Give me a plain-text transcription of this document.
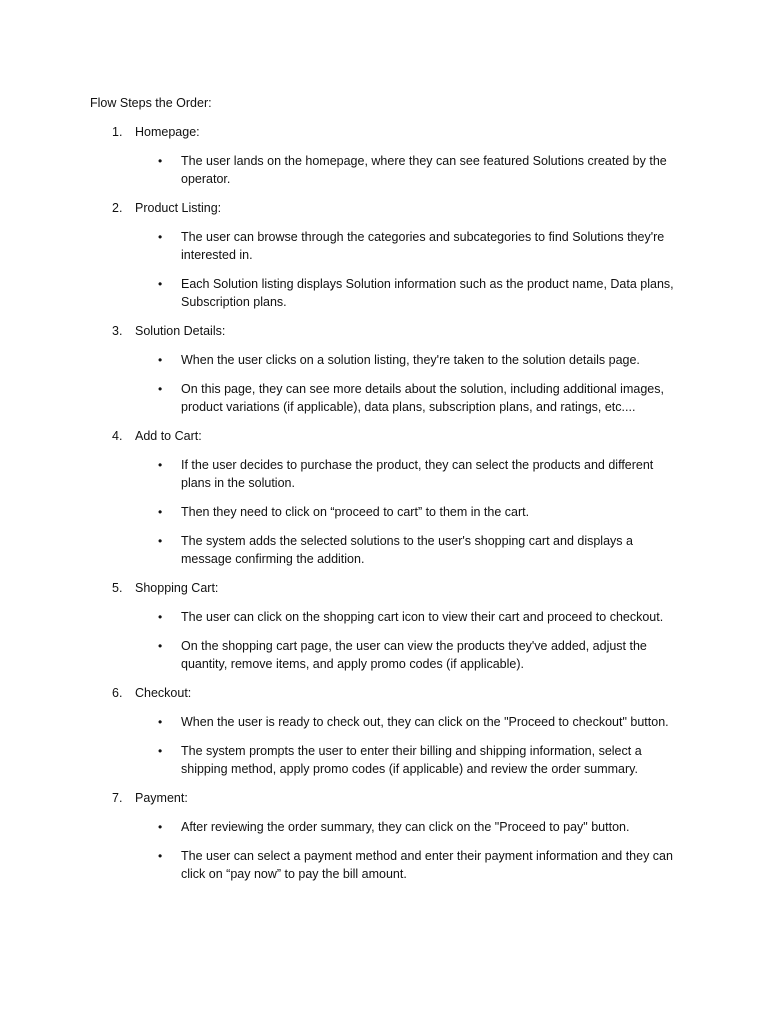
Flow Steps the Order:
1.	Homepage:
•	The user lands on the homepage, where they can see featured Solutions created by the operator.
2.	Product Listing:
•	The user can browse through the categories and subcategories to find Solutions they're interested in.
•	Each Solution listing displays Solution information such as the product name, Data plans, Subscription plans.
3.	Solution Details:
•	When the user clicks on a solution listing, they're taken to the solution details page.
•	On this page, they can see more details about the solution, including additional images, product variations (if applicable), data plans, subscription plans, and ratings, etc....
4.	Add to Cart:
•	If the user decides to purchase the product, they can select the products and different plans in the solution.
•	Then they need to click on “proceed to cart” to them in the cart.
•	The system adds the selected solutions to the user's shopping cart and displays a message confirming the addition.
5.	Shopping Cart:
•	The user can click on the shopping cart icon to view their cart and proceed to checkout.
•	On the shopping cart page, the user can view the products they've added, adjust the quantity, remove items, and apply promo codes (if applicable).
6.	Checkout:
•	When the user is ready to check out, they can click on the "Proceed to checkout" button.
•	The system prompts the user to enter their billing and shipping information, select a shipping method, apply promo codes (if applicable) and review the order summary.
7.	Payment:
•	After reviewing the order summary, they can click on the "Proceed to pay" button.
•	The user can select a payment method and enter their payment information and they can click on “pay now” to pay the bill amount.
